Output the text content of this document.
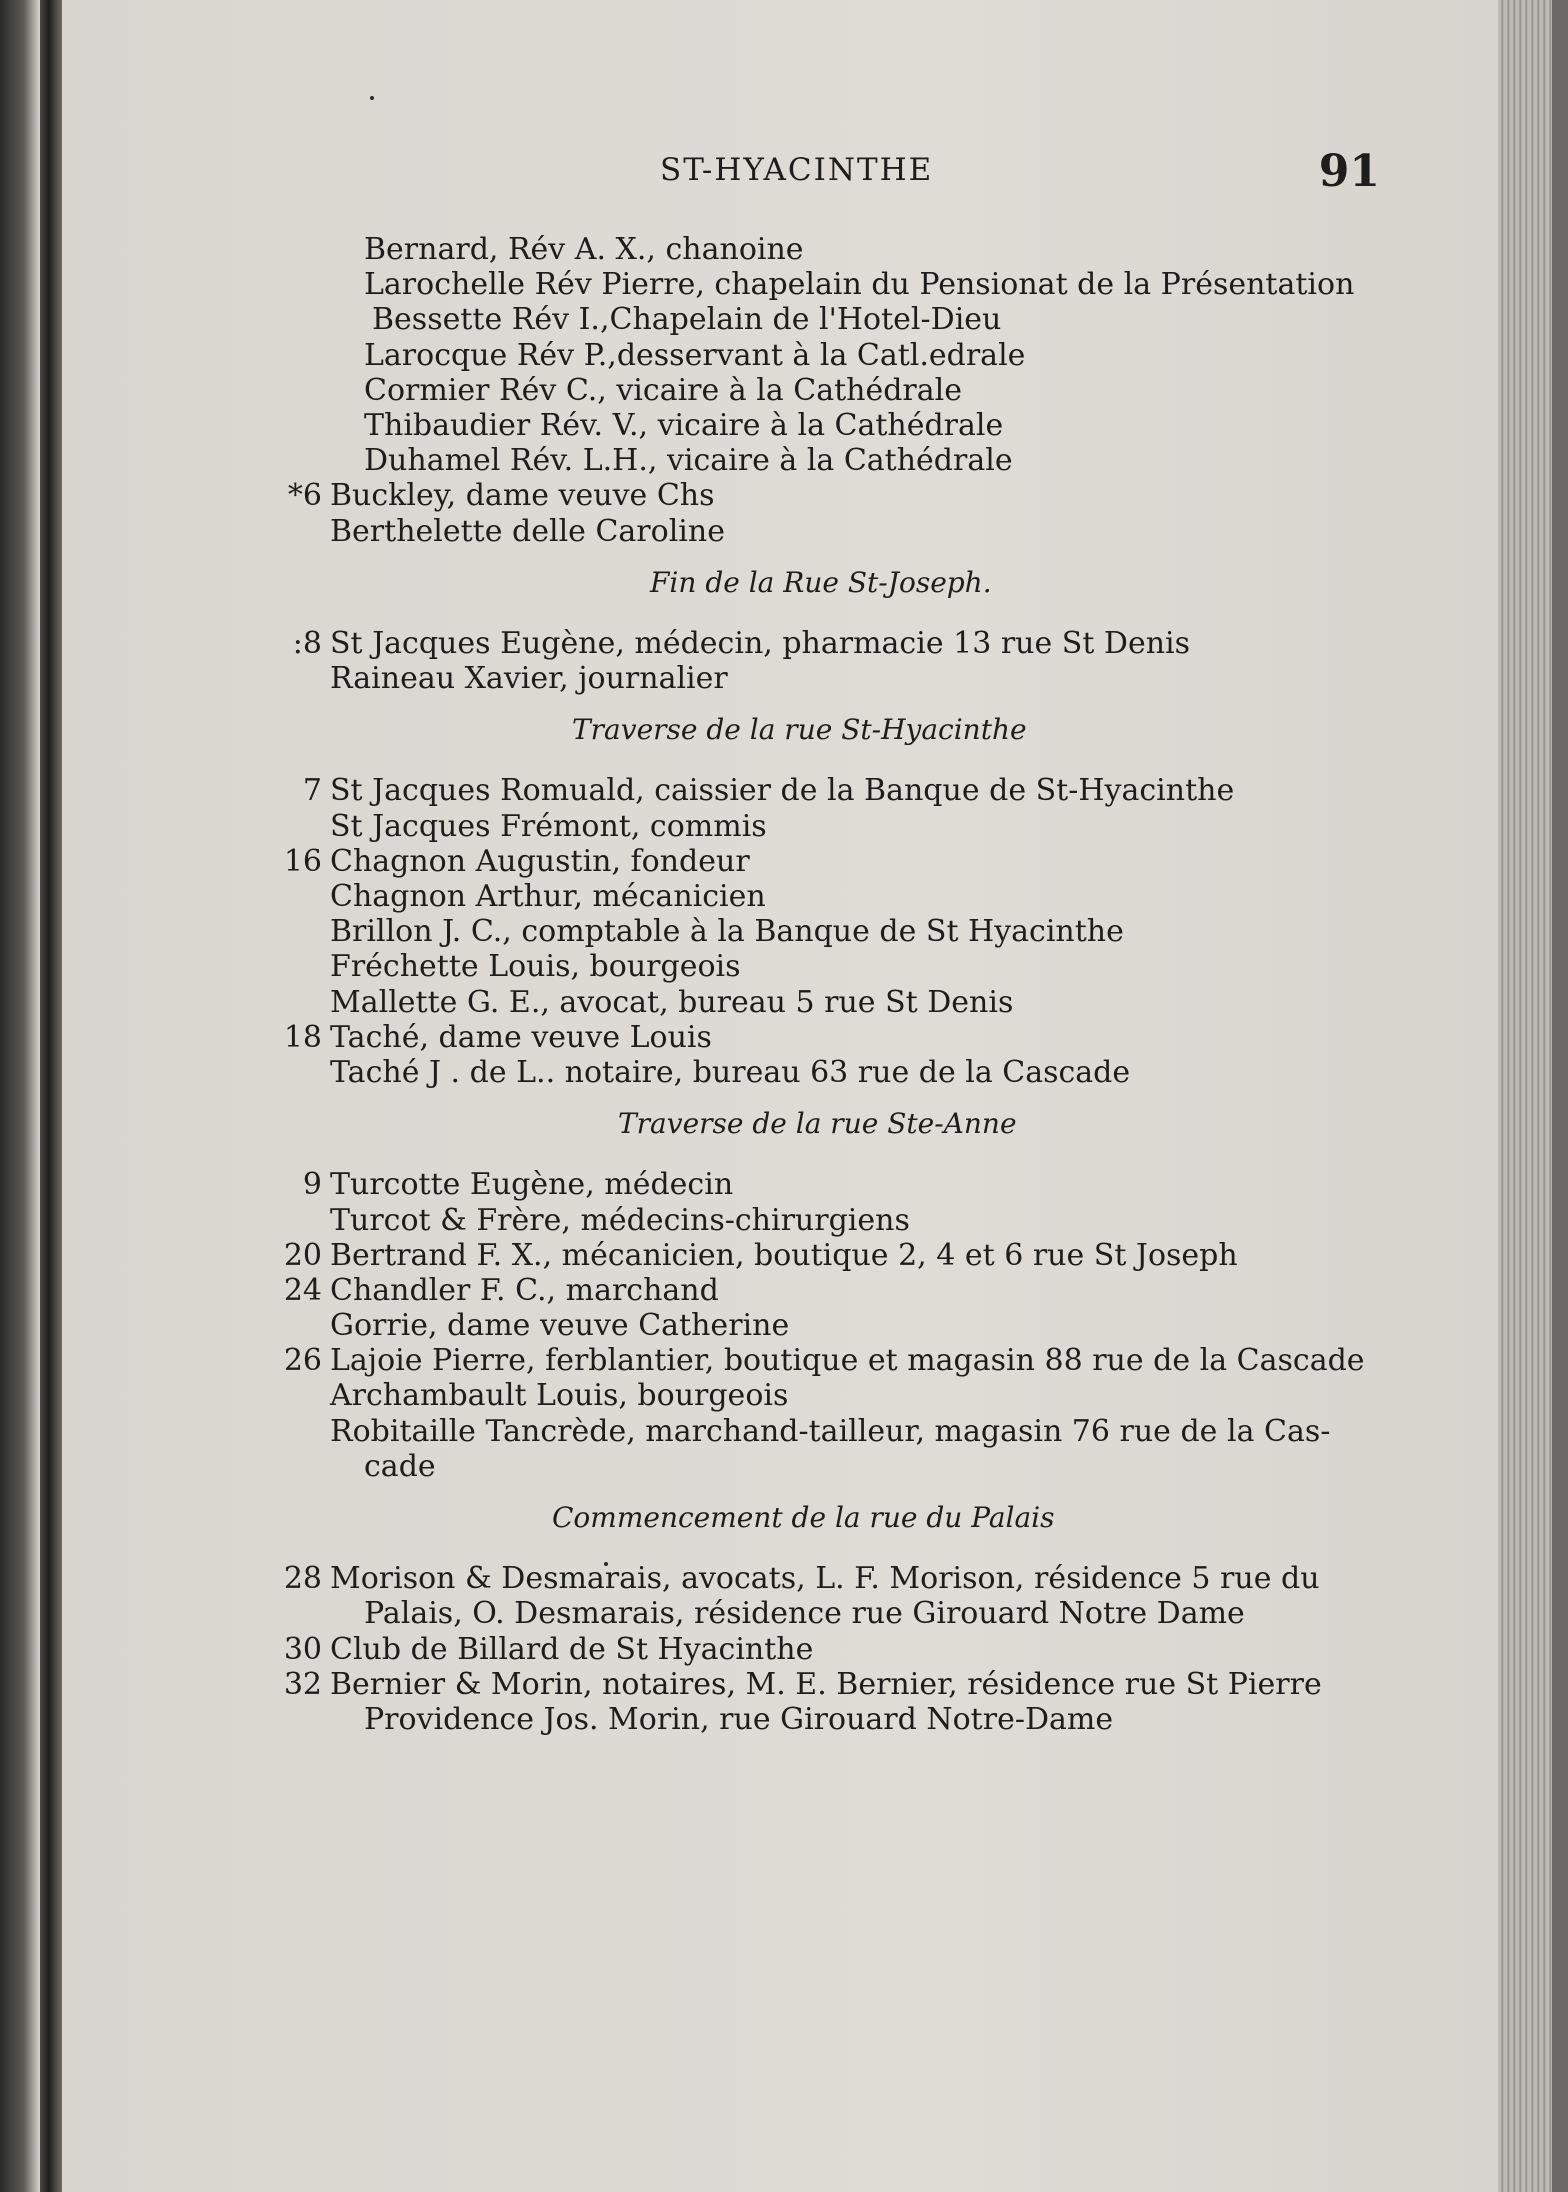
ST-HYACINTHE	91
Bernard, Rév A. X., chanoine
Larochelle Rév Pierre, chapelain du Pensionat de la Présentation
Bessette Rév I.,Chapelain de l'Hotel-Dieu
Larocque Rév P.,desservant à la Catl.edrale
Cormier Rév C., vicaire à la Cathédrale
Thibaudier Rév. V., vicaire à la Cathédrale
Duhamel Rév. L.H., vicaire à la Cathédrale
*6 Buckley, dame veuve Chs
Berthelette delle Caroline
Fin de la Rue St-Joseph.
:8 St Jacques Eugène, médecin, pharmacie 13 rue St Denis
Raineau Xavier, journalier
Traverse de la rue St-Hyacinthe
7 St Jacques Romuald, caissier de la Banque de St-Hyacinthe
St Jacques Frémont, commis
16 Chagnon Augustin, fondeur
Chagnon Arthur, mécanicien
Brillon J. C., comptable à la Banque de St Hyacinthe
Fréchette Louis, bourgeois
Mallette G. E., avocat, bureau 5 rue St Denis
18 Taché, dame veuve Louis
Taché J . de L.. notaire, bureau 63 rue de la Cascade
Traverse de la rue Ste-Anne
9 Turcotte Eugène, médecin
Turcot & Frère, médecins-chirurgiens
20 Bertrand F. X., mécanicien, boutique 2, 4 et 6 rue St Joseph
24 Chandler F. C., marchand
Gorrie, dame veuve Catherine
26 Lajoie Pierre, ferblantier, boutique et magasin 88 rue de la Cascade
Archambault Louis, bourgeois
Robitaille Tancrède, marchand-tailleur, magasin 76 rue de la Cas-
cade
Commencement de la rue du Palais
28 Morison & Desmarais, avocats, L. F. Morison, résidence 5 rue du
Palais, O. Desmarais, résidence rue Girouard Notre Dame
30 Club de Billard de St Hyacinthe
32 Bernier & Morin, notaires, M. E. Bernier, résidence rue St Pierre
Providence Jos. Morin, rue Girouard Notre-Dame
